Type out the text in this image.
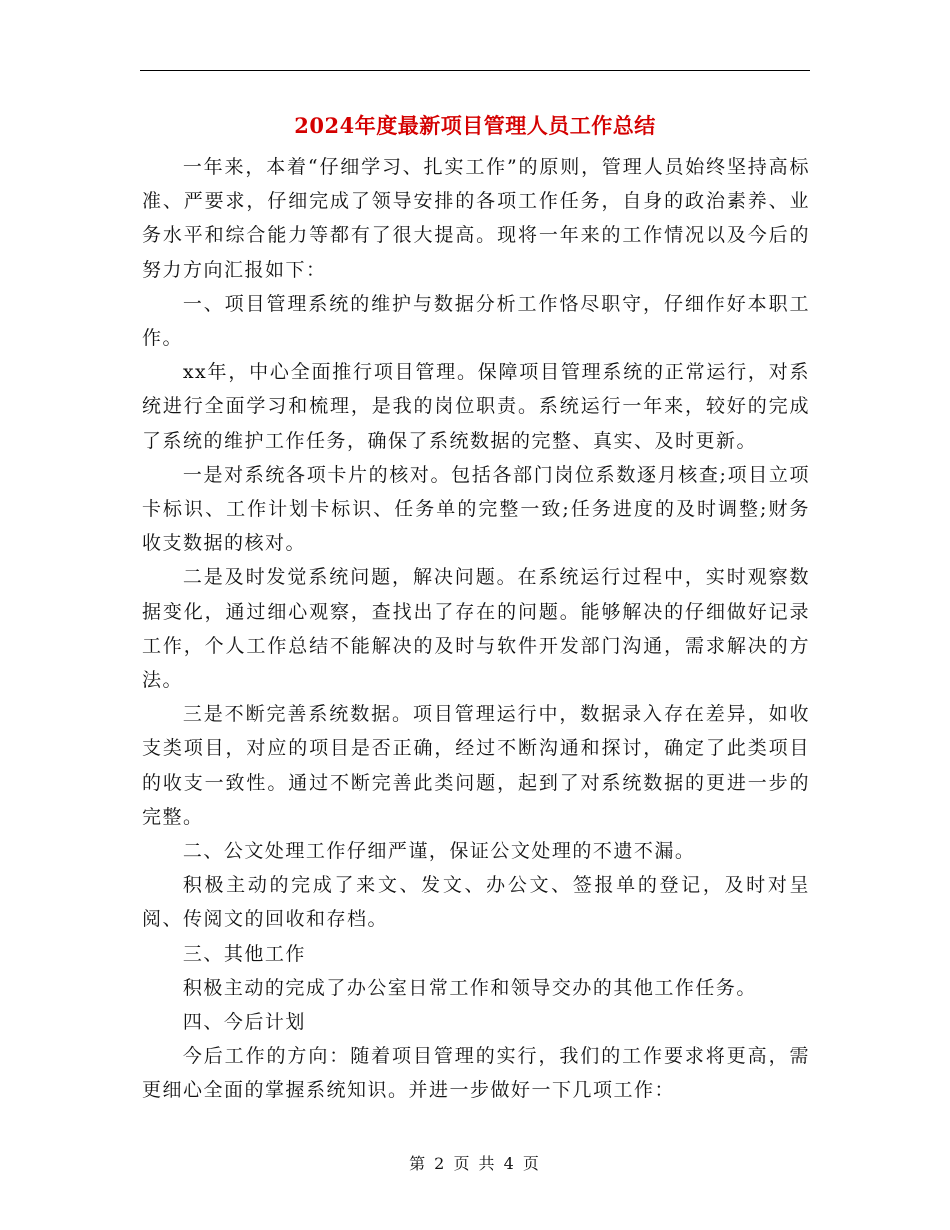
2024年度最新项目管理人员工作总结

一年来，本着“仔细学习、扎实工作”的原则，管理人员始终坚持高标准、严要求，仔细完成了领导安排的各项工作任务，自身的政治素养、业务水平和综合能力等都有了很大提高。现将一年来的工作情况以及今后的努力方向汇报如下：

一、项目管理系统的维护与数据分析工作恪尽职守，仔细作好本职工作。

xx年，中心全面推行项目管理。保障项目管理系统的正常运行，对系统进行全面学习和梳理，是我的岗位职责。系统运行一年来，较好的完成了系统的维护工作任务，确保了系统数据的完整、真实、及时更新。

一是对系统各项卡片的核对。包括各部门岗位系数逐月核查;项目立项卡标识、工作计划卡标识、任务单的完整一致;任务进度的及时调整;财务收支数据的核对。

二是及时发觉系统问题，解决问题。在系统运行过程中，实时观察数据变化，通过细心观察，查找出了存在的问题。能够解决的仔细做好记录工作，个人工作总结不能解决的及时与软件开发部门沟通，需求解决的方法。

三是不断完善系统数据。项目管理运行中，数据录入存在差异，如收支类项目，对应的项目是否正确，经过不断沟通和探讨，确定了此类项目的收支一致性。通过不断完善此类问题，起到了对系统数据的更进一步的完整。

二、公文处理工作仔细严谨，保证公文处理的不遗不漏。

积极主动的完成了来文、发文、办公文、签报单的登记，及时对呈阅、传阅文的回收和存档。

三、其他工作

积极主动的完成了办公室日常工作和领导交办的其他工作任务。

四、今后计划

今后工作的方向：随着项目管理的实行，我们的工作要求将更高，需更细心全面的掌握系统知识。并进一步做好一下几项工作：

第 2 页 共 4 页
